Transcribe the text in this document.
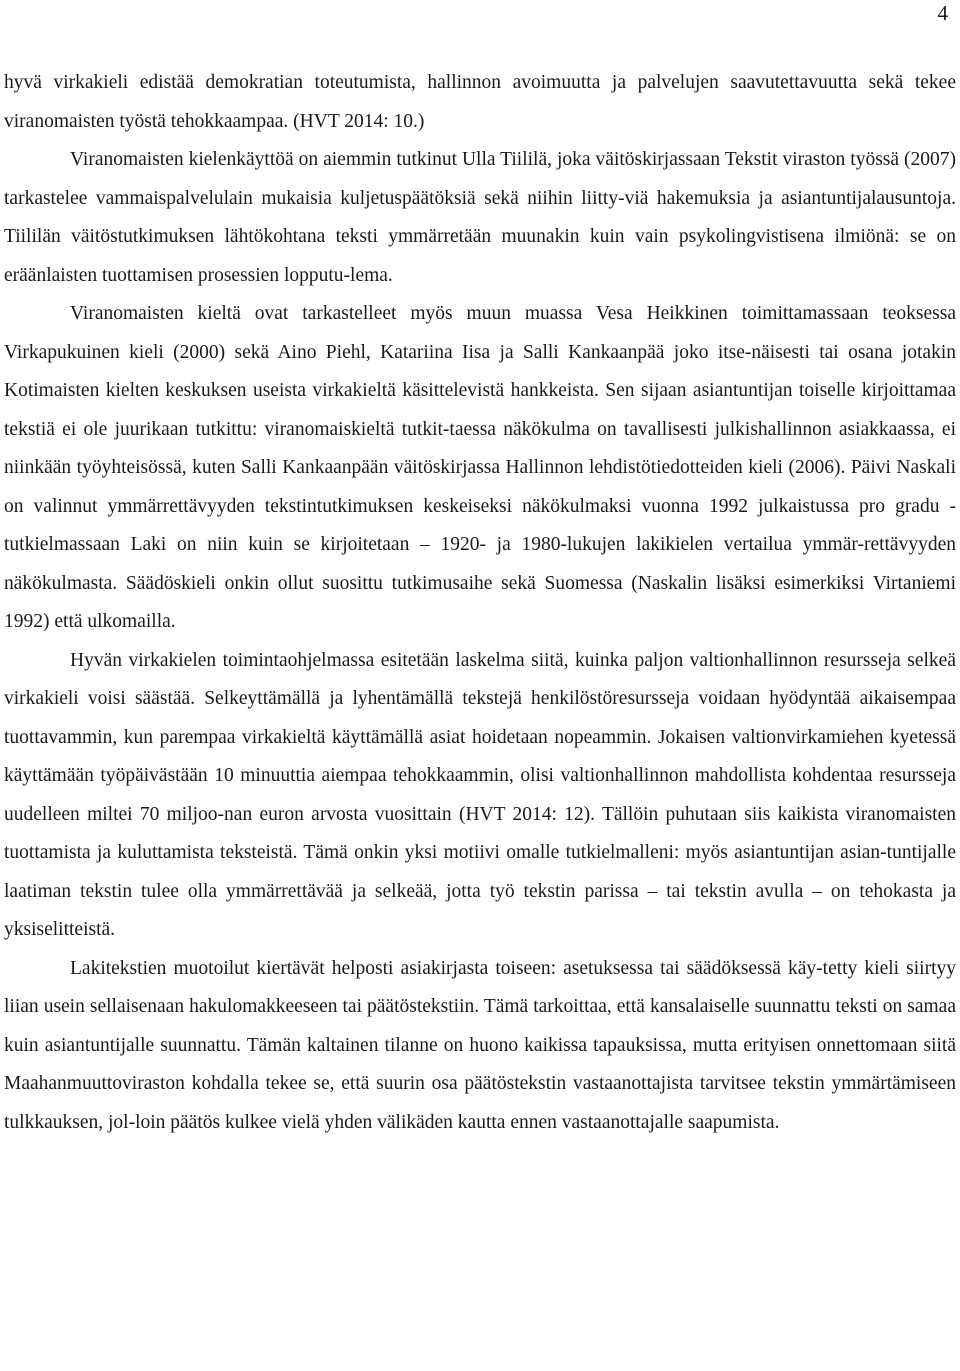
4

hyvä virkakieli edistää demokratian toteutumista, hallinnon avoimuutta ja palvelujen saavutettavuutta sekä tekee viranomaisten työstä tehokkaampaa. (HVT 2014: 10.)

Viranomaisten kielenkäyttöä on aiemmin tutkinut Ulla Tiililä, joka väitöskirjassaan Tekstit viraston työssä (2007) tarkastelee vammaispalvelulain mukaisia kuljetuspäätöksiä sekä niihin liitty-viä hakemuksia ja asiantuntijalausuntoja. Tiililän väitöstutkimuksen lähtökohtana teksti ymmärretään muunakin kuin vain psykolingvistisena ilmiönä: se on eräänlaisten tuottamisen prosessien lopputu-lema.

Viranomaisten kieltä ovat tarkastelleet myös muun muassa Vesa Heikkinen toimittamassaan teoksessa Virkapukuinen kieli (2000) sekä Aino Piehl, Katariina Iisa ja Salli Kankaanpää joko itse-näisesti tai osana jotakin Kotimaisten kielten keskuksen useista virkakieltä käsittelevistä hankkeista. Sen sijaan asiantuntijan toiselle kirjoittamaa tekstiä ei ole juurikaan tutkittu: viranomaiskieltä tutkit-taessa näkökulma on tavallisesti julkishallinnon asiakkaassa, ei niinkään työyhteisössä, kuten Salli Kankaanpään väitöskirjassa Hallinnon lehdistötiedotteiden kieli (2006). Päivi Naskali on valinnut ymmärrettävyyden tekstintutkimuksen keskeiseksi näkökulmaksi vuonna 1992 julkaistussa pro gradu -tutkielmassaan Laki on niin kuin se kirjoitetaan – 1920- ja 1980-lukujen lakikielen vertailua ymmär-rettävyyden näkökulmasta. Säädöskieli onkin ollut suosittu tutkimusaihe sekä Suomessa (Naskalin lisäksi esimerkiksi Virtaniemi 1992) että ulkomailla.

Hyvän virkakielen toimintaohjelmassa esitetään laskelma siitä, kuinka paljon valtionhallinnon resursseja selkeä virkakieli voisi säästää. Selkeyttämällä ja lyhentämällä tekstejä henkilöstöresursseja voidaan hyödyntää aikaisempaa tuottavammin, kun parempaa virkakieltä käyttämällä asiat hoidetaan nopeammin. Jokaisen valtionvirkamiehen kyetessä käyttämään työpäivästään 10 minuuttia aiempaa tehokkaammin, olisi valtionhallinnon mahdollista kohdentaa resursseja uudelleen miltei 70 miljoo-nan euron arvosta vuosittain (HVT 2014: 12). Tällöin puhutaan siis kaikista viranomaisten tuottamista ja kuluttamista teksteistä. Tämä onkin yksi motiivi omalle tutkielmalleni: myös asiantuntijan asian-tuntijalle laatiman tekstin tulee olla ymmärrettävää ja selkeää, jotta työ tekstin parissa – tai tekstin avulla – on tehokasta ja yksiselitteistä.

Lakitekstien muotoilut kiertävät helposti asiakirjasta toiseen: asetuksessa tai säädöksessä käy-tetty kieli siirtyy liian usein sellaisenaan hakulomakkeeseen tai päätöstekstiin. Tämä tarkoittaa, että kansalaiselle suunnattu teksti on samaa kuin asiantuntijalle suunnattu. Tämän kaltainen tilanne on huono kaikissa tapauksissa, mutta erityisen onnettomaan siitä Maahanmuuttoviraston kohdalla tekee se, että suurin osa päätöstekstin vastaanottajista tarvitsee tekstin ymmärtämiseen tulkkauksen, jol-loin päätös kulkee vielä yhden välikäden kautta ennen vastaanottajalle saapumista.
